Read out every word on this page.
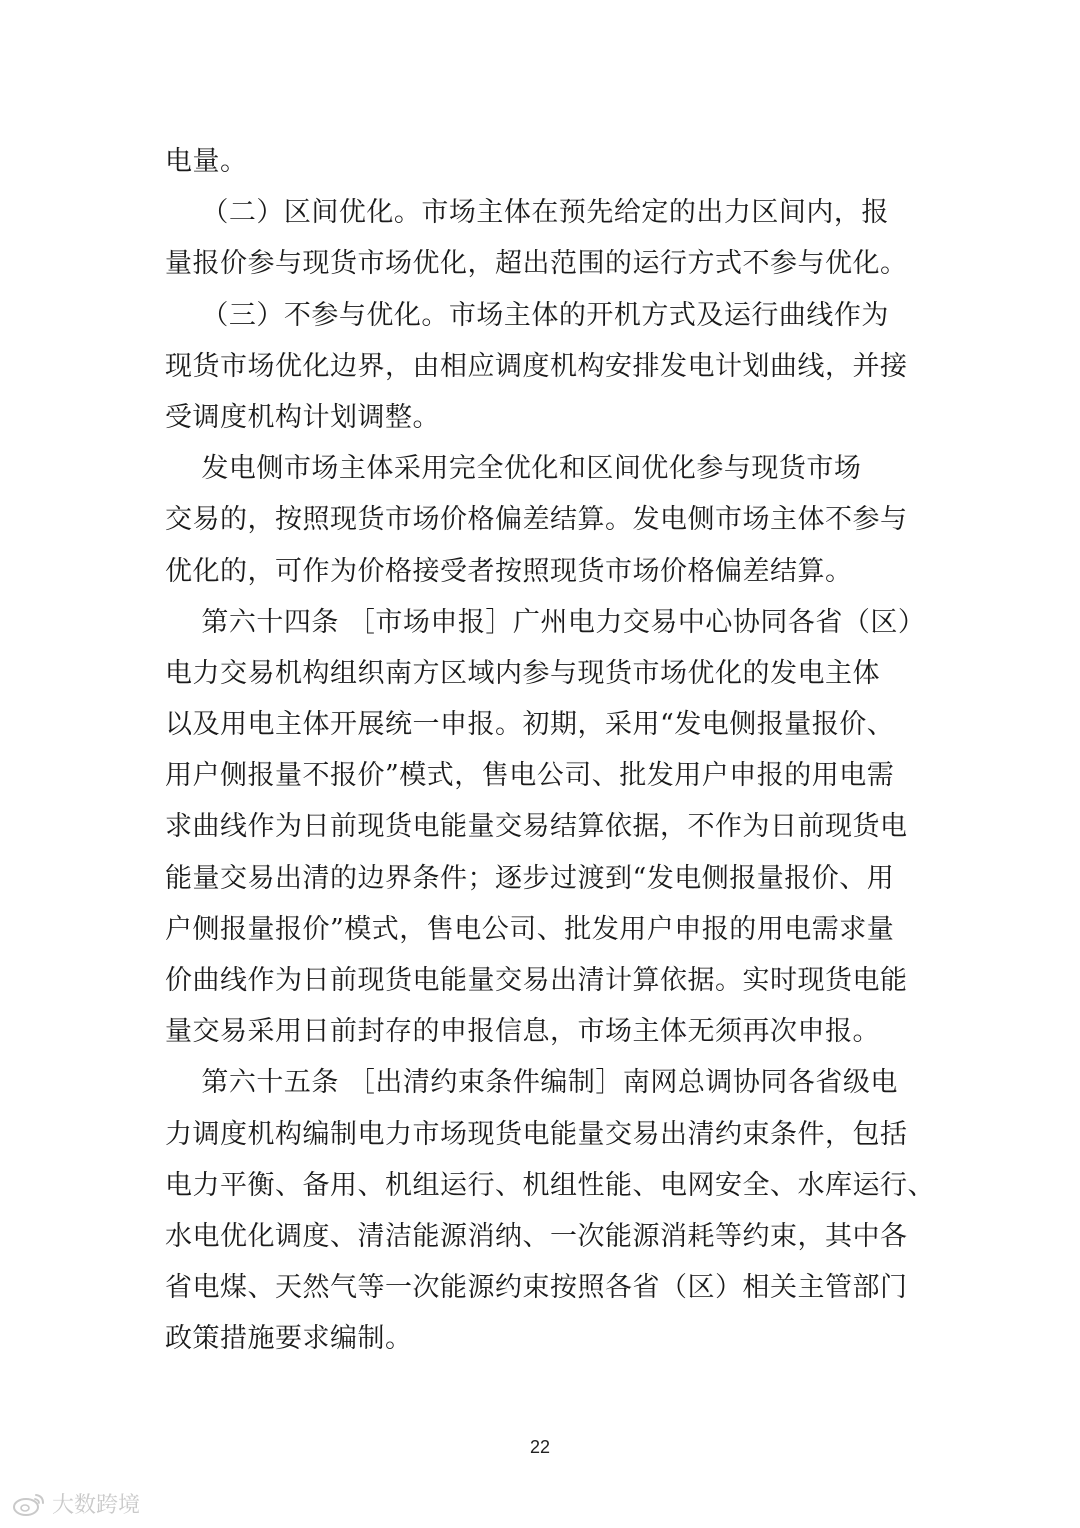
电量。
（二）区间优化。市场主体在预先给定的出力区间内，报
量报价参与现货市场优化，超出范围的运行方式不参与优化。
（三）不参与优化。市场主体的开机方式及运行曲线作为
现货市场优化边界，由相应调度机构安排发电计划曲线，并接
受调度机构计划调整。
发电侧市场主体采用完全优化和区间优化参与现货市场
交易的，按照现货市场价格偏差结算。发电侧市场主体不参与
优化的，可作为价格接受者按照现货市场价格偏差结算。
第六十四条 ［市场申报］广州电力交易中心协同各省（区）
电力交易机构组织南方区域内参与现货市场优化的发电主体
以及用电主体开展统一申报。初期，采用“发电侧报量报价、
用户侧报量不报价”模式，售电公司、批发用户申报的用电需
求曲线作为日前现货电能量交易结算依据，不作为日前现货电
能量交易出清的边界条件；逐步过渡到“发电侧报量报价、用
户侧报量报价”模式，售电公司、批发用户申报的用电需求量
价曲线作为日前现货电能量交易出清计算依据。实时现货电能
量交易采用日前封存的申报信息，市场主体无须再次申报。
第六十五条 ［出清约束条件编制］南网总调协同各省级电
力调度机构编制电力市场现货电能量交易出清约束条件，包括
电力平衡、备用、机组运行、机组性能、电网安全、水库运行、
水电优化调度、清洁能源消纳、一次能源消耗等约束，其中各
省电煤、天然气等一次能源约束按照各省（区）相关主管部门
政策措施要求编制。
22
大数跨境
